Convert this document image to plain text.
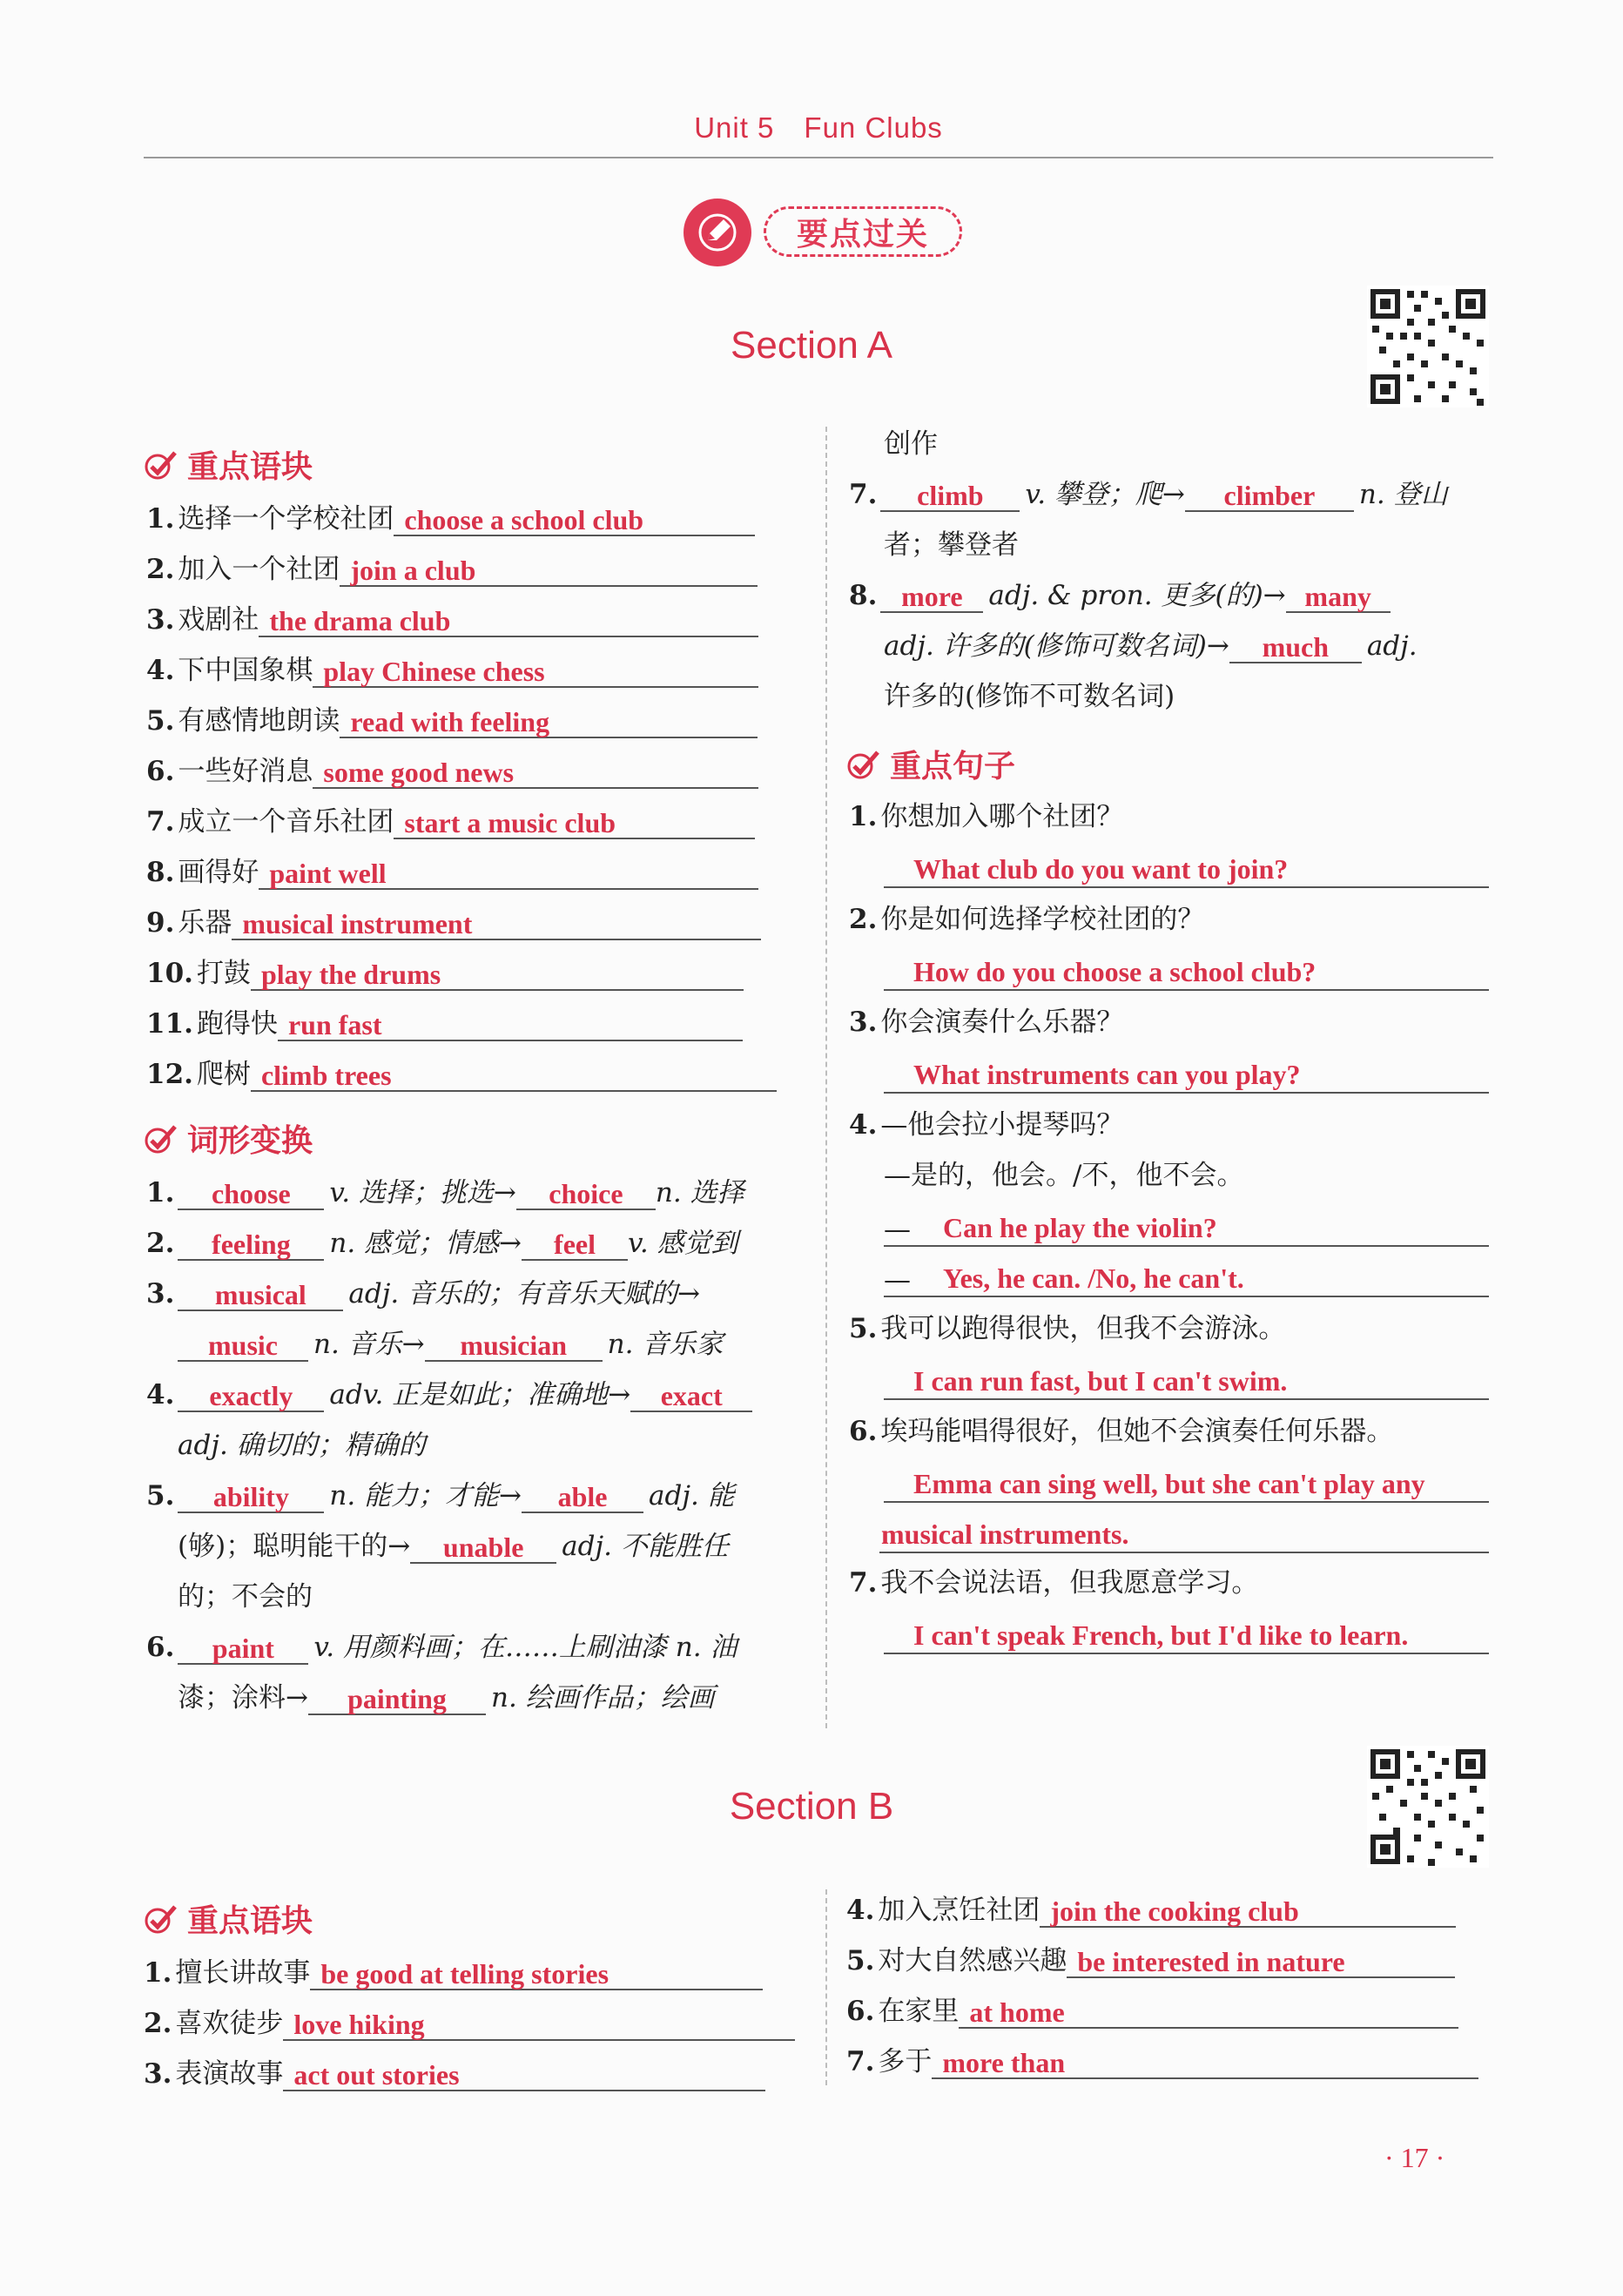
Unit 5 Fun Clubs
要点过关
Section A
重点语块
1. 选择一个学校社团 choose a school club
2. 加入一个社团 join a club
3. 戏剧社 the drama club
4. 下中国象棋 play Chinese chess
5. 有感情地朗读 read with feeling
6. 一些好消息 some good news
7. 成立一个音乐社团 start a music club
8. 画得好 paint well
9. 乐器 musical instrument
10. 打鼓 play the drums
11. 跑得快 run fast
12. 爬树 climb trees
词形变换
1.	choose	v. 选择；挑选→	choice	n. 选择
2.	feeling	n. 感觉；情感→	feel	v. 感觉到
3.	musical	adj. 音乐的；有音乐天赋的→
music	n. 音乐→	musician	n. 音乐家
4.	exactly	adv. 正是如此；准确地→	exact
adj. 确切的；精确的
5.	ability	n. 能力；才能→	able	adj. 能
(够)；聪明能干的→	unable	adj. 不能胜任
的；不会的
6.	paint	v. 用颜料画；在……上刷油漆 n. 油
漆；涂料→	painting	n. 绘画作品；绘画
创作
7.	climb	v. 攀登；爬→	climber	n. 登山
者；攀登者
8. more adj. & pron. 更多(的)→ many
adj. 许多的(修饰可数名词)→	much	adj.
许多的(修饰不可数名词)
重点句子
1. 你想加入哪个社团？
What club do you want to join?
2. 你是如何选择学校社团的？
How do you choose a school club?
3. 你会演奏什么乐器？
What instruments can you play?
4. —他会拉小提琴吗？
—是的，他会。/不，他不会。
—	Can he play the violin?
—	Yes, he can. /No, he can't.
5. 我可以跑得很快，但我不会游泳。
I can run fast, but I can't swim.
6. 埃玛能唱得很好，但她不会演奏任何乐器。
Emma can sing well, but she can't play any
musical instruments.
7. 我不会说法语，但我愿意学习。
I can't speak French, but I'd like to learn.
Section B
重点语块
1. 擅长讲故事 be good at telling stories
2. 喜欢徒步 love hiking
3. 表演故事 act out stories
4. 加入烹饪社团 join the cooking club
5. 对大自然感兴趣 be interested in nature
6. 在家里 at home
7. 多于 more than
· 17 ·
